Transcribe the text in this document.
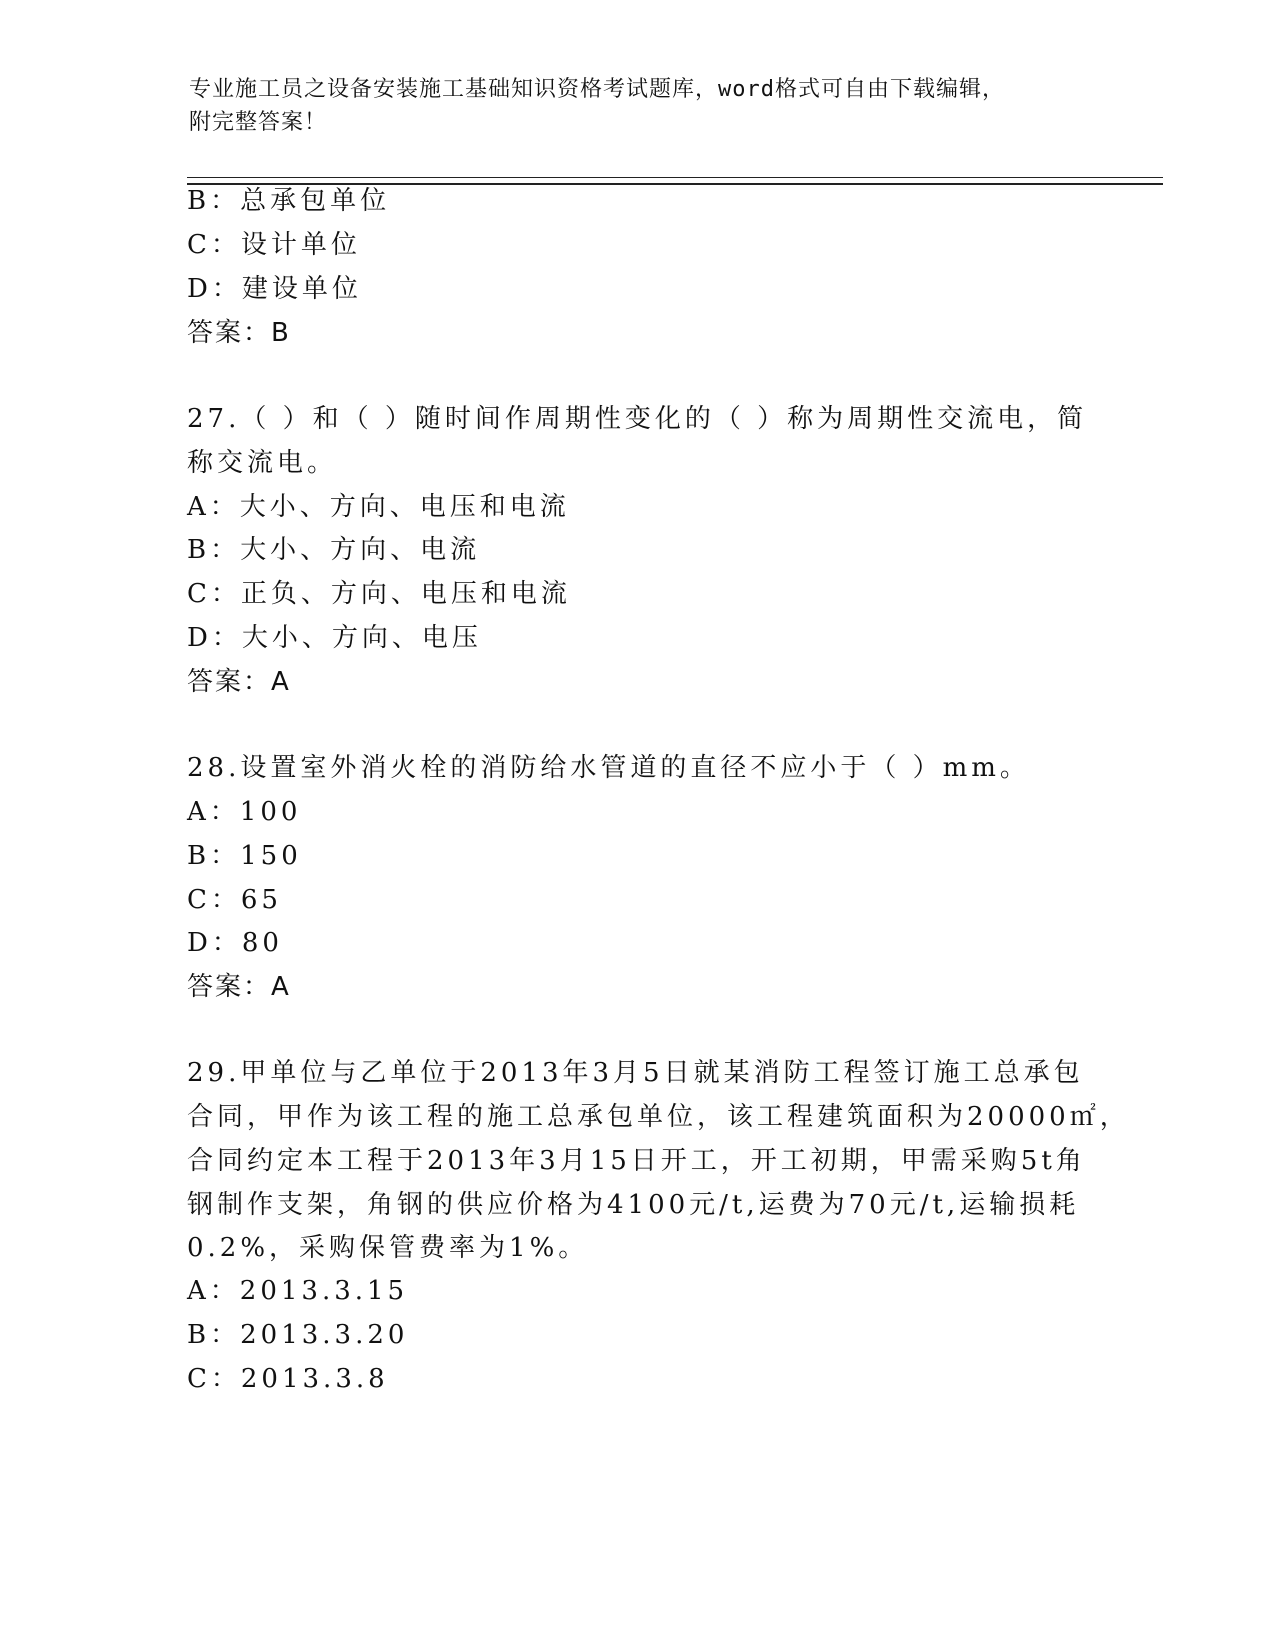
专业施工员之设备安装施工基础知识资格考试题库，word格式可自由下载编辑，
附完整答案！
B：总承包单位
C：设计单位
D：建设单位
答案：B
27.（ ）和（ ）随时间作周期性变化的（ ）称为周期性交流电，简
称交流电。
A：大小、方向、电压和电流
B：大小、方向、电流
C：正负、方向、电压和电流
D：大小、方向、电压
答案：A
28.设置室外消火栓的消防给水管道的直径不应小于（ ）mm。
A：100
B：150
C：65
D：80
答案：A
29.甲单位与乙单位于2013年3月5日就某消防工程签订施工总承包
合同，甲作为该工程的施工总承包单位，该工程建筑面积为20000㎡，
合同约定本工程于2013年3月15日开工，开工初期，甲需采购5t角
钢制作支架，角钢的供应价格为4100元/t,运费为70元/t,运输损耗
0.2%，采购保管费率为1%。
A：2013.3.15
B：2013.3.20
C：2013.3.8
